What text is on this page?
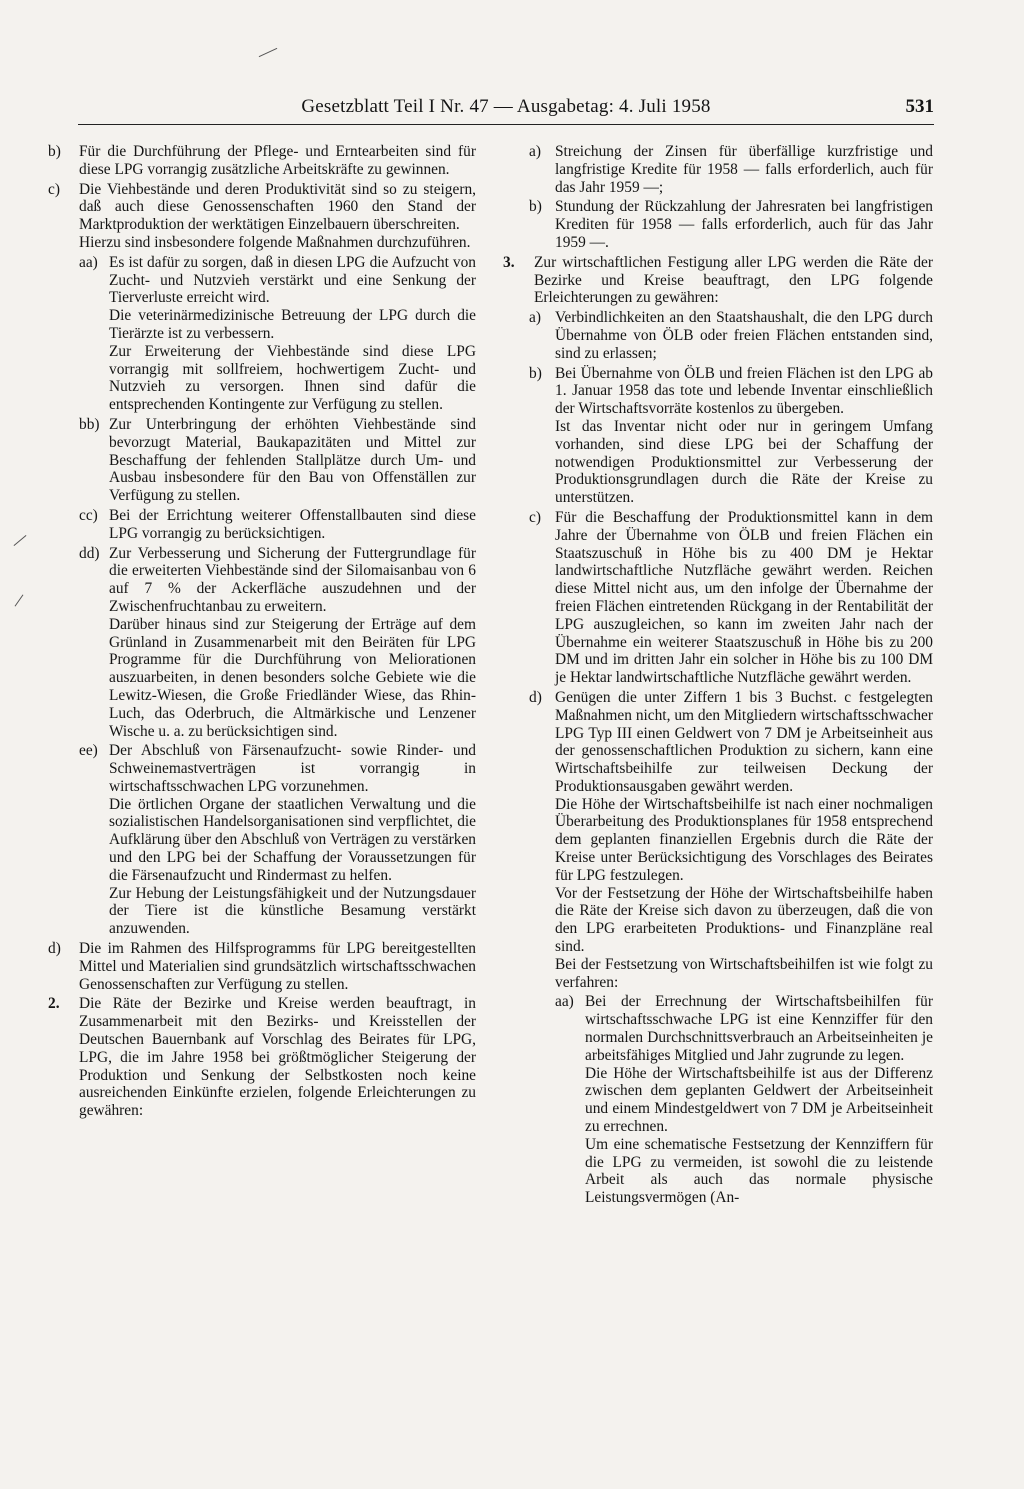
Gesetzblatt Teil I Nr. 47 — Ausgabetag: 4. Juli 1958	531
b)	Für die Durchführung der Pflege- und Erntearbeiten sind für diese LPG vorrangig zusätzliche Arbeitskräfte zu gewinnen.

c)	Die Viehbestände und deren Produktivität sind so zu steigern, daß auch diese Genossenschaften 1960 den Stand der Marktproduktion der werktätigen Einzelbauern überschreiten.

Hierzu sind insbesondere folgende Maßnahmen durchzuführen.

aa) Es ist dafür zu sorgen, daß in diesen LPG die Aufzucht von Zucht- und Nutzvieh verstärkt und eine Senkung der Tierverluste erreicht wird.

Die veterinärmedizinische Betreuung der LPG durch die Tierärzte ist zu verbessern.

Zur Erweiterung der Viehbestände sind diese LPG vorrangig mit sollfreiem, hochwertigem Zucht- und Nutzvieh zu versorgen. Ihnen sind dafür die entsprechenden Kontingente zur Verfügung zu stellen.

bb) Zur Unterbringung der erhöhten Viehbestände sind bevorzugt Material, Baukapazitäten und Mittel zur Beschaffung der fehlenden Stallplätze durch Um- und Ausbau insbesondere für den Bau von Offenställen zur Verfügung zu stellen.

cc) Bei der Errichtung weiterer Offenstallbauten sind diese LPG vorrangig zu berücksichtigen.

dd) Zur Verbesserung und Sicherung der Futtergrundlage für die erweiterten Viehbestände sind der Silomaisanbau von 6 auf 7 % der Ackerfläche auszudehnen und der Zwischenfruchtanbau zu erweitern.

Darüber hinaus sind zur Steigerung der Erträge auf dem Grünland in Zusammenarbeit mit den Beiräten für LPG Programme für die Durchführung von Meliorationen auszuarbeiten, in denen besonders solche Gebiete wie die Lewitz-Wiesen, die Große Friedländer Wiese, das Rhin-Luch, das Oderbruch, die Altmärkische und Lenzener Wische u. a. zu berücksichtigen sind.

ee) Der Abschluß von Färsenaufzucht- sowie Rinder- und Schweinemastverträgen ist vorrangig in wirtschaftsschwachen LPG vorzunehmen.

Die örtlichen Organe der staatlichen Verwaltung und die sozialistischen Handelsorganisationen sind verpflichtet, die Aufklärung über den Abschluß von Verträgen zu verstärken und den LPG bei der Schaffung der Voraussetzungen für die Färsenaufzucht und Rindermast zu helfen.

Zur Hebung der Leistungsfähigkeit und der Nutzungsdauer der Tiere ist die künstliche Besamung verstärkt anzuwenden.

d)	Die im Rahmen des Hilfsprogramms für LPG bereitgestellten Mittel und Materialien sind grundsätzlich wirtschaftsschwachen Genossenschaften zur Verfügung zu stellen.

2.	Die Räte der Bezirke und Kreise werden beauftragt, in Zusammenarbeit mit den Bezirks- und Kreisstellen der Deutschen Bauernbank auf Vorschlag des Beirates für LPG, LPG, die im Jahre 1958 bei größtmöglicher Steigerung der Produktion und Senkung der Selbstkosten noch keine ausreichenden Einkünfte erzielen, folgende Erleichterungen zu gewähren:

a) Streichung der Zinsen für überfällige kurzfristige und langfristige Kredite für 1958 — falls erforderlich, auch für das Jahr 1959 —;

b) Stundung der Rückzahlung der Jahresraten bei langfristigen Krediten für 1958 — falls erforderlich, auch für das Jahr 1959 —.

3.	Zur wirtschaftlichen Festigung aller LPG werden die Räte der Bezirke und Kreise beauftragt, den LPG folgende Erleichterungen zu gewähren:

a) Verbindlichkeiten an den Staatshaushalt, die den LPG durch Übernahme von ÖLB oder freien Flächen entstanden sind, sind zu erlassen;

b) Bei Übernahme von ÖLB und freien Flächen ist den LPG ab 1. Januar 1958 das tote und lebende Inventar einschließlich der Wirtschaftsvorräte kostenlos zu übergeben.

Ist das Inventar nicht oder nur in geringem Umfang vorhanden, sind diese LPG bei der Schaffung der notwendigen Produktionsmittel zur Verbesserung der Produktionsgrundlagen durch die Räte der Kreise zu unterstützen.

c) Für die Beschaffung der Produktionsmittel kann in dem Jahre der Übernahme von ÖLB und freien Flächen ein Staatszuschuß in Höhe bis zu 400 DM je Hektar landwirtschaftliche Nutzfläche gewährt werden. Reichen diese Mittel nicht aus, um den infolge der Übernahme der freien Flächen eintretenden Rückgang in der Rentabilität der LPG auszugleichen, so kann im zweiten Jahr nach der Übernahme ein weiterer Staatszuschuß in Höhe bis zu 200 DM und im dritten Jahr ein solcher in Höhe bis zu 100 DM je Hektar landwirtschaftliche Nutzfläche gewährt werden.

d) Genügen die unter Ziffern 1 bis 3 Buchst. c festgelegten Maßnahmen nicht, um den Mitgliedern wirtschaftsschwacher LPG Typ III einen Geldwert von 7 DM je Arbeitseinheit aus der genossenschaftlichen Produktion zu sichern, kann eine Wirtschaftsbeihilfe zur teilweisen Deckung der Produktionsausgaben gewährt werden.

Die Höhe der Wirtschaftsbeihilfe ist nach einer nochmaligen Überarbeitung des Produktionsplanes für 1958 entsprechend dem geplanten finanziellen Ergebnis durch die Räte der Kreise unter Berücksichtigung des Vorschlages des Beirates für LPG festzulegen.

Vor der Festsetzung der Höhe der Wirtschaftsbeihilfe haben die Räte der Kreise sich davon zu überzeugen, daß die von den LPG erarbeiteten Produktions- und Finanzpläne real sind.

Bei der Festsetzung von Wirtschaftsbeihilfen ist wie folgt zu verfahren:

aa) Bei der Errechnung der Wirtschaftsbeihilfen für wirtschaftsschwache LPG ist eine Kennziffer für den normalen Durchschnittsverbrauch an Arbeitseinheiten je arbeitsfähiges Mitglied und Jahr zugrunde zu legen.

Die Höhe der Wirtschaftsbeihilfe ist aus der Differenz zwischen dem geplanten Geldwert der Arbeitseinheit und einem Mindestgeldwert von 7 DM je Arbeitseinheit zu errechnen.

Um eine schematische Festsetzung der Kennziffern für die LPG zu vermeiden, ist sowohl die zu leistende Arbeit als auch das normale physische Leistungsvermögen (An-
